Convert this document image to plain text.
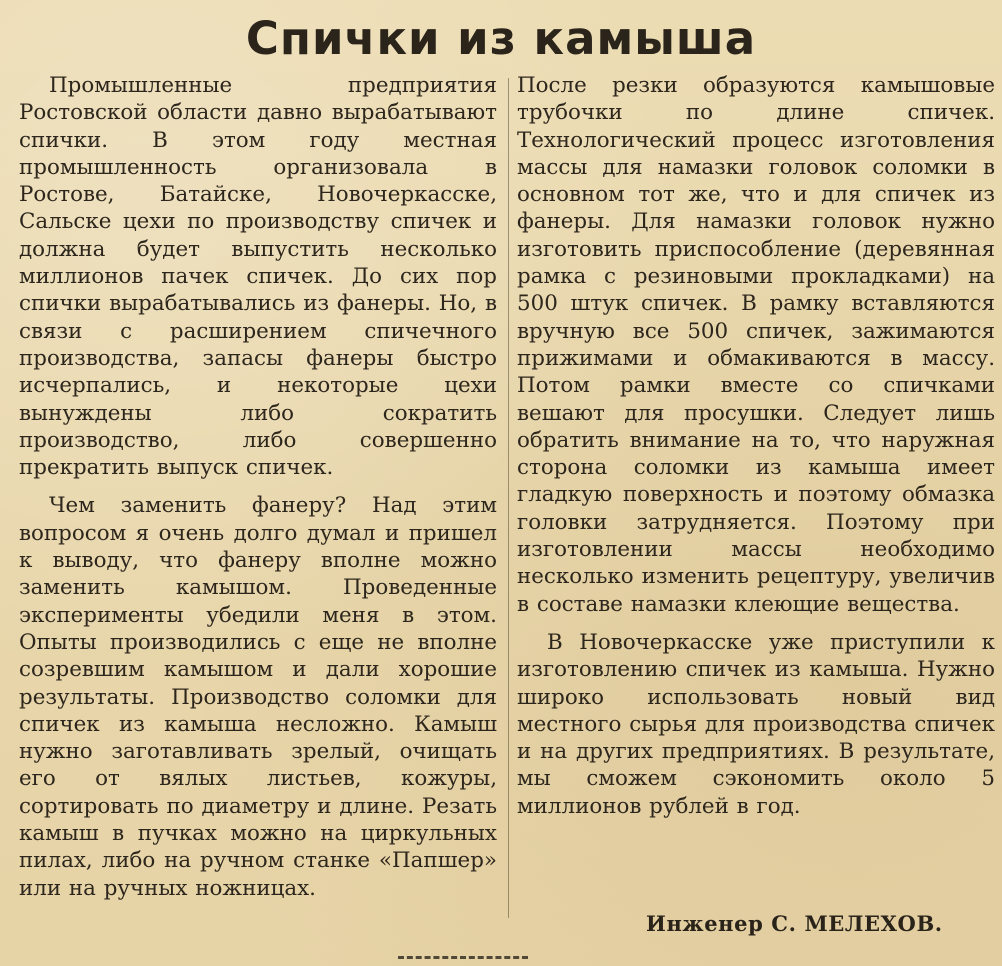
Спички из камыша

Промышленные предприятия Ростовской области давно вырабатывают спички. В этом году местная промышленность организовала в Ростове, Батайске, Новочеркасске, Сальске цехи по производству спичек и должна будет выпустить несколько миллионов пачек спичек. До сих пор спички вырабатывались из фанеры. Но, в связи с расширением спичечного производства, запасы фанеры быстро исчерпались, и некоторые цехи вынуждены либо сократить производство, либо совершенно прекратить выпуск спичек.

Чем заменить фанеру? Над этим вопросом я очень долго думал и пришел к выводу, что фанеру вполне можно заменить камышом. Проведенные эксперименты убедили меня в этом. Опыты производились с еще не вполне созревшим камышом и дали хорошие результаты. Производство соломки для спичек из камыша несложно. Камыш нужно заготавливать зрелый, очищать его от вялых листьев, кожуры, сортировать по диаметру и длине. Резать камыш в пучках можно на циркульных пилах, либо на ручном станке «Папшер» или на ручных ножницах.

После резки образуются камышовые трубочки по длине спичек. Технологический процесс изготовления массы для намазки головок соломки в основном тот же, что и для спичек из фанеры. Для намазки головок нужно изготовить приспособление (деревянная рамка с резиновыми прокладками) на 500 штук спичек. В рамку вставляются вручную все 500 спичек, зажимаются прижимами и обмакиваются в массу. Потом рамки вместе со спичками вешают для просушки. Следует лишь обратить внимание на то, что наружная сторона соломки из камыша имеет гладкую поверхность и поэтому обмазка головки затрудняется. Поэтому при изготовлении массы необходимо несколько изменить рецептуру, увеличив в составе намазки клеющие вещества.

В Новочеркасске уже приступили к изготовлению спичек из камыша. Нужно широко использовать новый вид местного сырья для производства спичек и на других предприятиях. В результате, мы сможем сэкономить около 5 миллионов рублей в год.

Инженер С. МЕЛЕХОВ.
